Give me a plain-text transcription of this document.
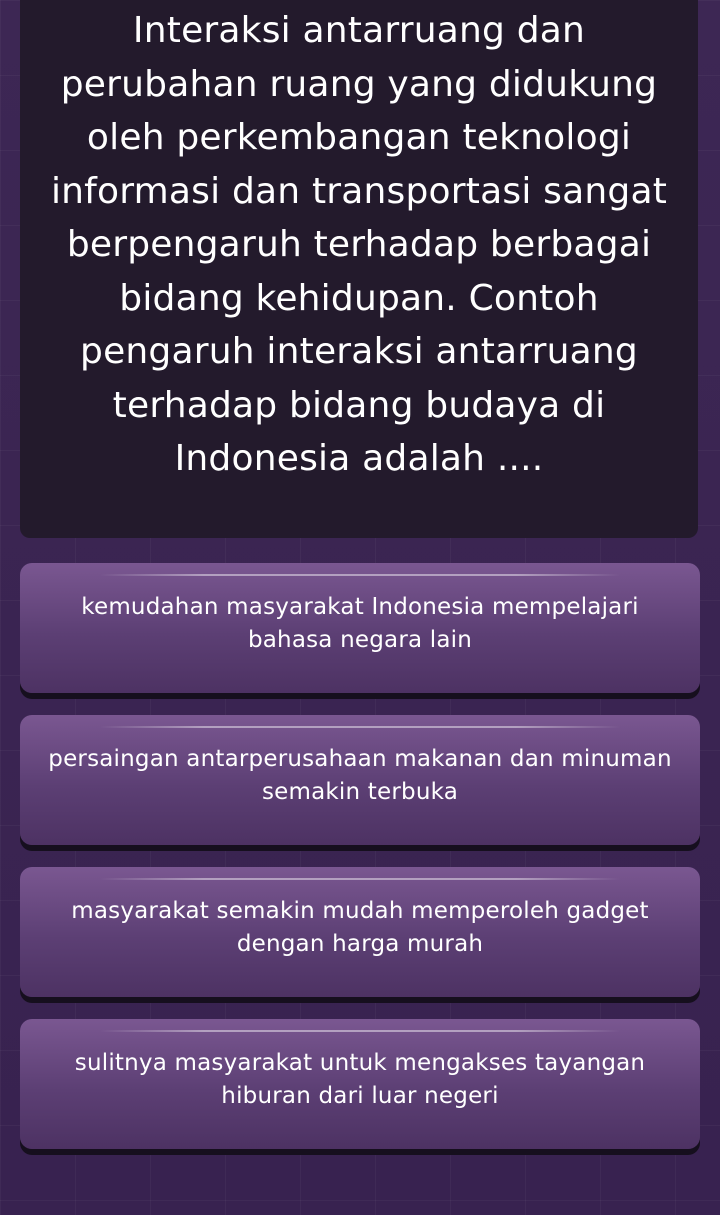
Interaksi antarruang dan perubahan ruang yang didukung oleh perkembangan teknologi informasi dan transportasi sangat berpengaruh terhadap berbagai bidang kehidupan. Contoh pengaruh interaksi antarruang terhadap bidang budaya di Indonesia adalah ....

kemudahan masyarakat Indonesia mempelajari bahasa negara lain
persaingan antarperusahaan makanan dan minuman semakin terbuka
masyarakat semakin mudah memperoleh gadget dengan harga murah
sulitnya masyarakat untuk mengakses tayangan hiburan dari luar negeri
